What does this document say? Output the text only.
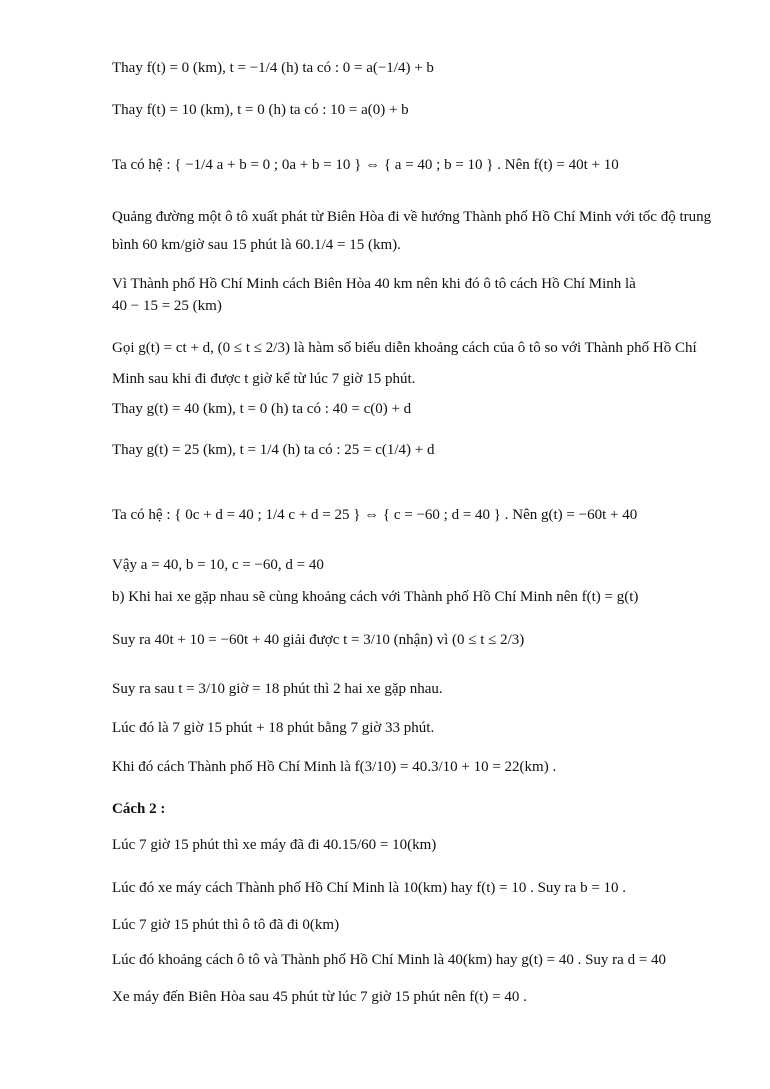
Thay f(t) = 0 (km), t = −1/4 (h) ta có : 0 = a(−1/4) + b
Thay f(t) = 10 (km), t = 0 (h) ta có : 10 = a(0) + b
Ta có hệ : { −1/4 a + b = 0 ; 0a + b = 10 } ⇔ { a = 40 ; b = 10 } . Nên f(t) = 40t + 10
Quảng đường một ô tô xuất phát từ Biên Hòa đi về hướng Thành phố Hồ Chí Minh với tốc độ trung
bình 60 km/giờ sau 15 phút là 60.1/4 = 15 (km).
Vì Thành phố Hồ Chí Minh cách Biên Hòa 40 km nên khi đó ô tô cách Hồ Chí Minh là
40 − 15 = 25 (km)
Gọi g(t) = ct + d, (0 ≤ t ≤ 2/3) là hàm số biểu diễn khoảng cách của ô tô so với Thành phố Hồ Chí
Minh sau khi đi được t giờ kể từ lúc 7 giờ 15 phút.
Thay g(t) = 40 (km), t = 0 (h) ta có : 40 = c(0) + d
Thay g(t) = 25 (km), t = 1/4 (h) ta có : 25 = c(1/4) + d
Ta có hệ : { 0c + d = 40 ; 1/4 c + d = 25 } ⇔ { c = −60 ; d = 40 } . Nên g(t) = −60t + 40
Vậy a = 40, b = 10, c = −60, d = 40
b) Khi hai xe gặp nhau sẽ cùng khoảng cách với Thành phố Hồ Chí Minh nên f(t) = g(t)
Suy ra 40t + 10 = −60t + 40 giải được t = 3/10 (nhận) vì (0 ≤ t ≤ 2/3)
Suy ra sau t = 3/10 giờ = 18 phút thì 2 hai xe gặp nhau.
Lúc đó là 7 giờ 15 phút + 18 phút bằng 7 giờ 33 phút.
Khi đó cách Thành phố Hồ Chí Minh là f(3/10) = 40.3/10 + 10 = 22(km) .
Cách 2 :
Lúc 7 giờ 15 phút thì xe máy đã đi 40.15/60 = 10(km)
Lúc đó xe máy cách Thành phố Hồ Chí Minh là 10(km) hay f(t) = 10 . Suy ra b = 10 .
Lúc 7 giờ 15 phút thì ô tô đã đi 0(km)
Lúc đó khoảng cách ô tô và Thành phố Hồ Chí Minh là 40(km) hay g(t) = 40 . Suy ra d = 40
Xe máy đến Biên Hòa sau 45 phút từ lúc 7 giờ 15 phút nên f(t) = 40 .
